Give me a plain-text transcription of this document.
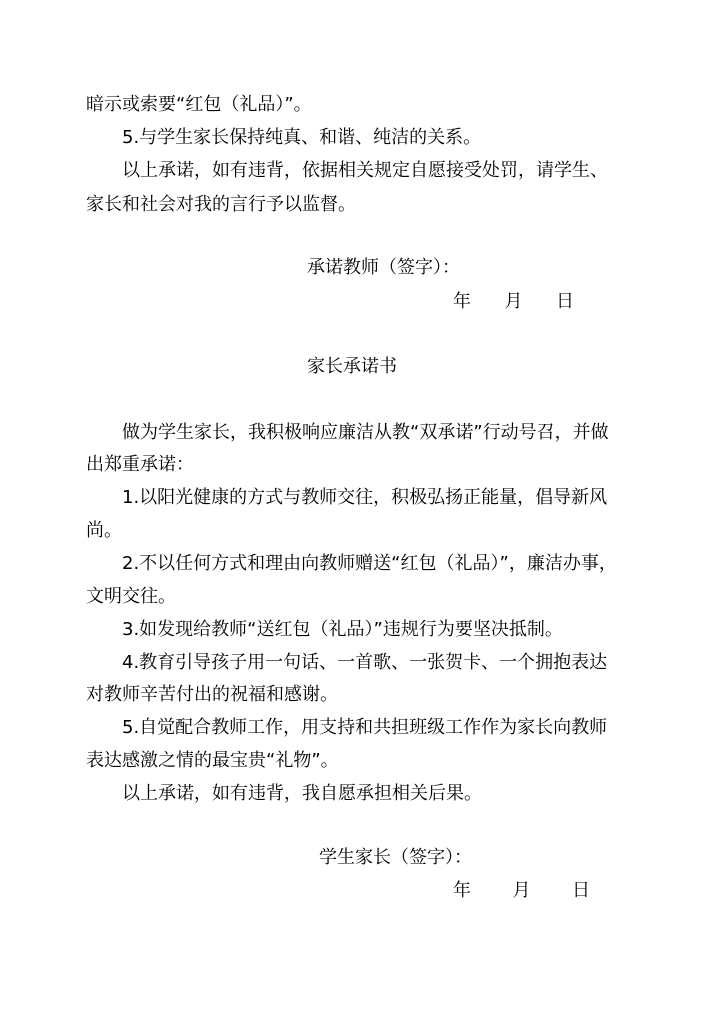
暗示或索要“红包（礼品）”。
5.与学生家长保持纯真、和谐、纯洁的关系。
以上承诺，如有违背，依据相关规定自愿接受处罚，请学生、
家长和社会对我的言行予以监督。
承诺教师（签字）：
年 月 日
家长承诺书
做为学生家长，我积极响应廉洁从教“双承诺”行动号召，并做
出郑重承诺：
1.以阳光健康的方式与教师交往，积极弘扬正能量，倡导新风
尚。
2.不以任何方式和理由向教师赠送“红包（礼品）”，廉洁办事，
文明交往。
3.如发现给教师“送红包（礼品）”违规行为要坚决抵制。
4.教育引导孩子用一句话、一首歌、一张贺卡、一个拥抱表达
对教师辛苦付出的祝福和感谢。
5.自觉配合教师工作，用支持和共担班级工作作为家长向教师
表达感激之情的最宝贵“礼物”。
以上承诺，如有违背，我自愿承担相关后果。
学生家长（签字）：
年 月 日
